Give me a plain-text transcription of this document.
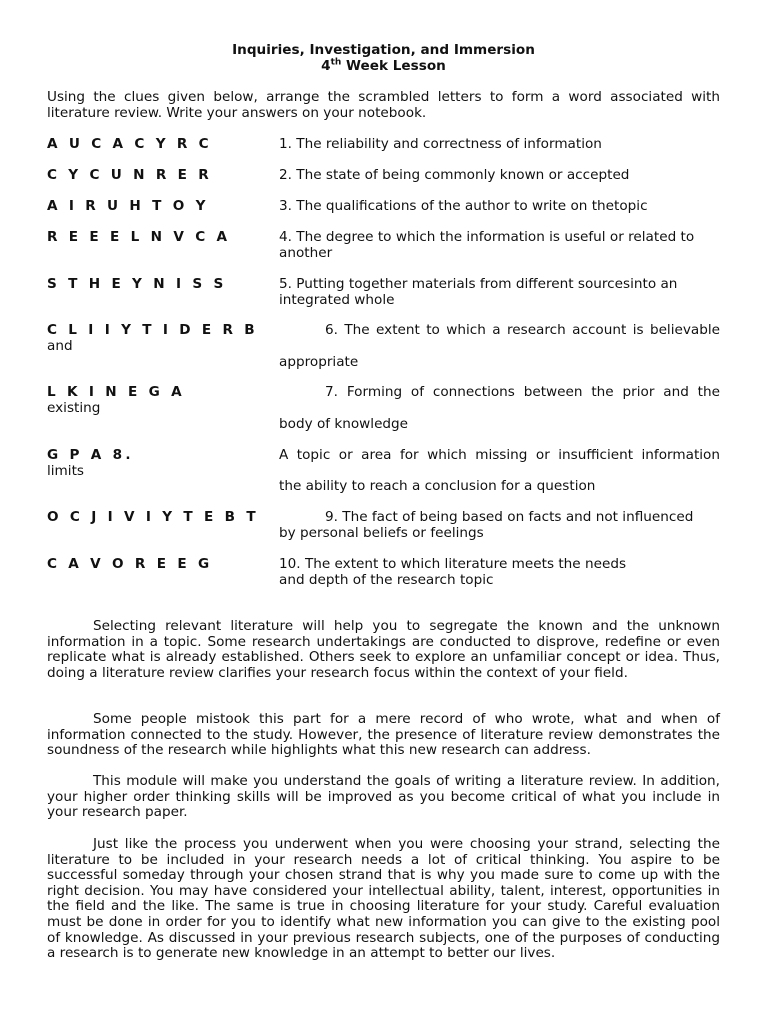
Inquiries, Investigation, and Immersion
4th Week Lesson
Using the clues given below, arrange the scrambled letters to form a word associated with literature review. Write your answers on your notebook.
A U C A C Y R C	1. The reliability and correctness of information
C Y C U N R E R	2. The state of being commonly known or accepted
A I R U H T O Y	3. The qualifications of the author to write on thetopic
R E E E L N V C A	4. The degree to which the information is useful or related to another
S T H E Y N I S S	5. Putting together materials from different sourcesinto an integrated whole
C L I I Y T I D E R B	6. The extent to which a research account is believable
and
appropriate
L K I N E G A	7. Forming of connections between the prior and the
existing
body of knowledge
G P A 8.	A topic or area for which missing or insufficient information
limits
the ability to reach a conclusion for a question
O C J I V I Y T E B T	9. The fact of being based on facts and not influenced
by personal beliefs or feelings
C A V O R E E G	10. The extent to which literature meets the needs
and depth of the research topic
Selecting relevant literature will help you to segregate the known and the unknown information in a topic. Some research undertakings are conducted to disprove, redefine or even replicate what is already established. Others seek to explore an unfamiliar concept or idea. Thus, doing a literature review clarifies your research focus within the context of your field.
Some people mistook this part for a mere record of who wrote, what and when of information connected to the study. However, the presence of literature review demonstrates the soundness of the research while highlights what this new research can address.
This module will make you understand the goals of writing a literature review. In addition, your higher order thinking skills will be improved as you become critical of what you include in your research paper.
Just like the process you underwent when you were choosing your strand, selecting the literature to be included in your research needs a lot of critical thinking. You aspire to be successful someday through your chosen strand that is why you made sure to come up with the right decision. You may have considered your intellectual ability, talent, interest, opportunities in the field and the like. The same is true in choosing literature for your study. Careful evaluation must be done in order for you to identify what new information you can give to the existing pool of knowledge. As discussed in your previous research subjects, one of the purposes of conducting a research is to generate new knowledge in an attempt to better our lives.
